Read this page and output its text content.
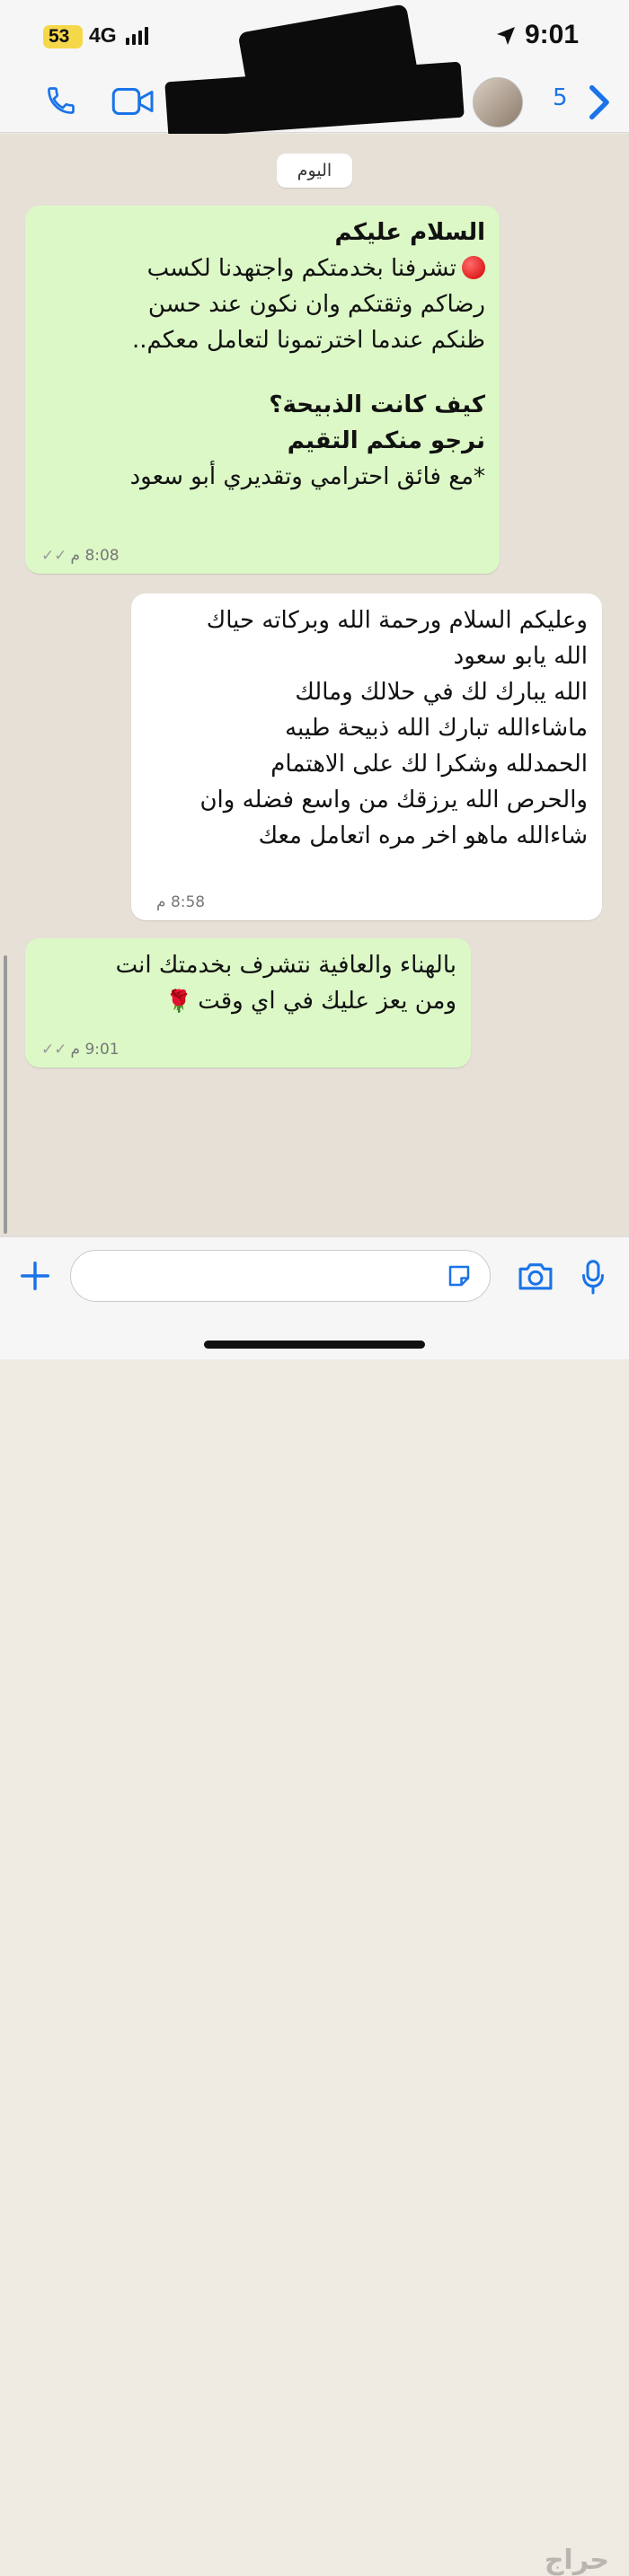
53 4G	9:01
5
اليوم

السلام عليكم

تشرفنا بخدمتكم واجتهدنا لكسب

رضاكم وثقتكم وان نكون عند حسن

ظنكم عندما اخترتمونا لتعامل معكم..

كيف كانت الذبيحة؟

نرجو منكم التقيم

*مع فائق احترامي وتقديري أبو سعود

8:08 م✓✓

وعليكم السلام ورحمة الله وبركاته حياك

الله يابو سعود

الله يبارك لك في حلالك ومالك

ماشاءالله تبارك الله ذبيحة طيبه

الحمدلله وشكرا لك على الاهتمام

والحرص الله يرزقك من واسع فضله وان

شاءالله ماهو اخر مره اتعامل معك

8:58 م

بالهناء والعافية نتشرف بخدمتك انت

ومن يعز عليك في اي وقت🌹

9:01 م✓✓
حراج
